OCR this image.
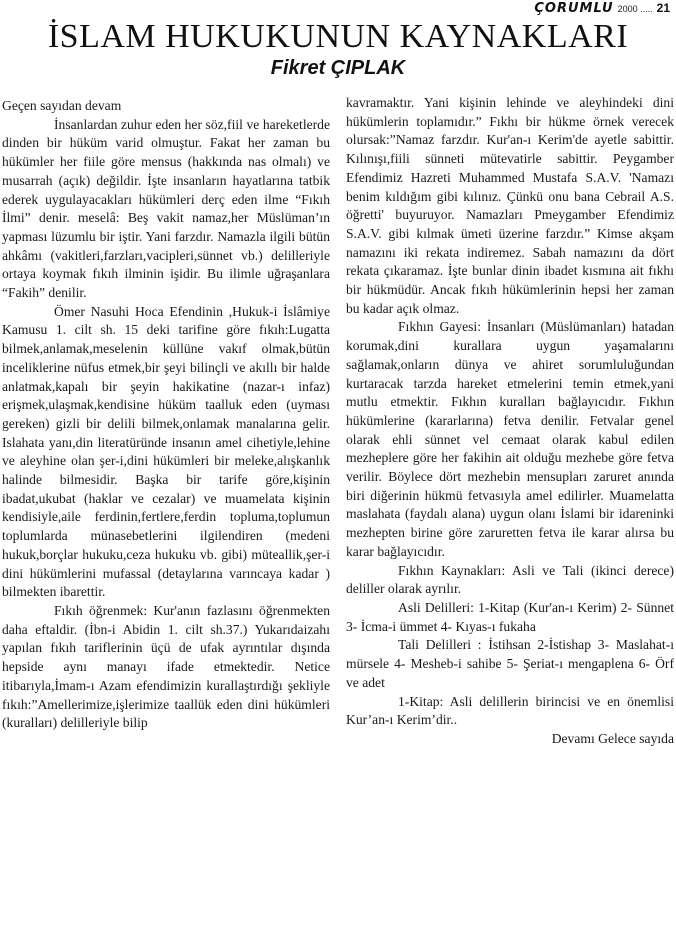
ÇORUMLU 2000 ..... 21
İSLAM HUKUKUNUN KAYNAKLARI
Fikret ÇIPLAK

Geçen sayıdan devam

İnsanlardan zuhur eden her söz,fiil ve hareketlerde dinden bir hüküm varid olmuştur. Fakat her zaman bu hükümler her fiile göre mensus (hakkında nas olmalı) ve musarrah (açık) değildir. İşte insanların hayatlarına tatbik ederek uygulayacakları hükümleri derç eden ilme “Fıkıh İlmi” denir. meselâ: Beş vakit namaz,her Müslüman’ın yapması lüzumlu bir iştir. Yani farzdır. Namazla ilgili bütün ahkâmı (vakitleri,farzları,vacipleri,sünnet vb.) delilleriyle ortaya koymak fıkıh ilminin işidir. Bu ilimle uğraşanlara “Fakih” denilir.

Ömer Nasuhi Hoca Efendinin ,Hukuk-i İslâmiye Kamusu 1. cilt sh. 15 deki tarifine göre fıkıh:Lugatta bilmek,anlamak,meselenin küllüne vakıf olmak,bütün inceliklerine nüfus etmek,bir şeyi bilinçli ve akıllı bir halde anlatmak,kapalı bir şeyin hakikatine (nazar-ı infaz) erişmek,ulaşmak,kendisine hüküm taalluk eden (uyması gereken) gizli bir delili bilmek,onlamak manalarına gelir. Islahata yanı,din literatüründe insanın amel cihetiyle,lehine ve aleyhine olan şer-i,dini hükümleri bir meleke,alışkanlık halinde bilmesidir. Başka bir tarife göre,kişinin ibadat,ukubat (haklar ve cezalar) ve muamelata kişinin kendisiyle,aile ferdinin,fertlere,ferdin topluma,toplumun toplumlarda münasebetlerini ilgilendiren (medeni hukuk,borçlar hukuku,ceza hukuku vb. gibi) müteallik,şer-i dini hükümlerini mufassal (detaylarına varıncaya kadar ) bilmekten ibarettir.

Fıkıh öğrenmek: Kur'anın fazlasını öğrenmekten daha eftaldir. (İbn-i Abidin 1. cilt sh.37.) Yukarıdaizahı yapılan fıkıh tariflerinin üçü de ufak ayrıntılar dışında hepside aynı manayı ifade etmektedir. Netice itibarıyla,İmam-ı Azam efendimizin kurallaştırdığı şekliyle fıkıh:”Amellerimize,işlerimize taallük eden dini hükümleri (kuralları) delilleriyle bilip

kavramaktır. Yani kişinin lehinde ve aleyhindeki dini hükümlerin toplamıdır.” Fıkhı bir hükme örnek verecek olursak:”Namaz farzdır. Kur'an-ı Kerim'de ayetle sabittir. Kılınışı,fiili sünneti mütevatirle sabittir. Peygamber Efendimiz Hazreti Muhammed Mustafa S.A.V. 'Namazı benim kıldığım gibi kılınız. Çünkü onu bana Cebrail A.S. öğretti' buyuruyor. Namazları Pmeygamber Efendimiz S.A.V. gibi kılmak ümeti üzerine farzdır.” Kimse akşam namazını iki rekata indiremez. Sabah namazını da dört rekata çıkaramaz. İşte bunlar dinin ibadet kısmına ait fıkhı bir hükmüdür. Ancak fıkıh hükümlerinin hepsi her zaman bu kadar açık olmaz.

Fıkhın Gayesi: İnsanları (Müslümanları) hatadan korumak,dini kurallara uygun yaşamalarını sağlamak,onların dünya ve ahiret sorumluluğundan kurtaracak tarzda hareket etmelerini temin etmek,yani mutlu etmektir. Fıkhın kuralları bağlayıcıdır. Fıkhın hükümlerine (kararlarına) fetva denilir. Fetvalar genel olarak ehli sünnet vel cemaat olarak kabul edilen mezheplere göre her fakihin ait olduğu mezhebe göre fetva verilir. Böylece dört mezhebin mensupları zaruret anında biri diğerinin hükmü fetvasıyla amel edilirler. Muamelatta maslahata (faydalı alana) uygun olanı İslami bir idareninki mezhepten birine göre zaruretten fetva ile karar alırsa bu karar bağlayıcıdır.

Fıkhın Kaynakları: Asli ve Tali (ikinci derece) deliller olarak ayrılır.

Asli Delilleri: 1-Kitap (Kur'an-ı Kerim) 2- Sünnet 3- İcma-i ümmet 4- Kıyas-ı fukaha

Tali Delilleri : İstihsan 2-İstishap 3- Maslahat-ı mürsele 4- Mesheb-i sahibe 5- Şeriat-ı mengaplena 6- Örf ve adet

1-Kitap: Asli delillerin birincisi ve en önemlisi Kur’an-ı Kerim’dir..

Devamı Gelece sayıda
